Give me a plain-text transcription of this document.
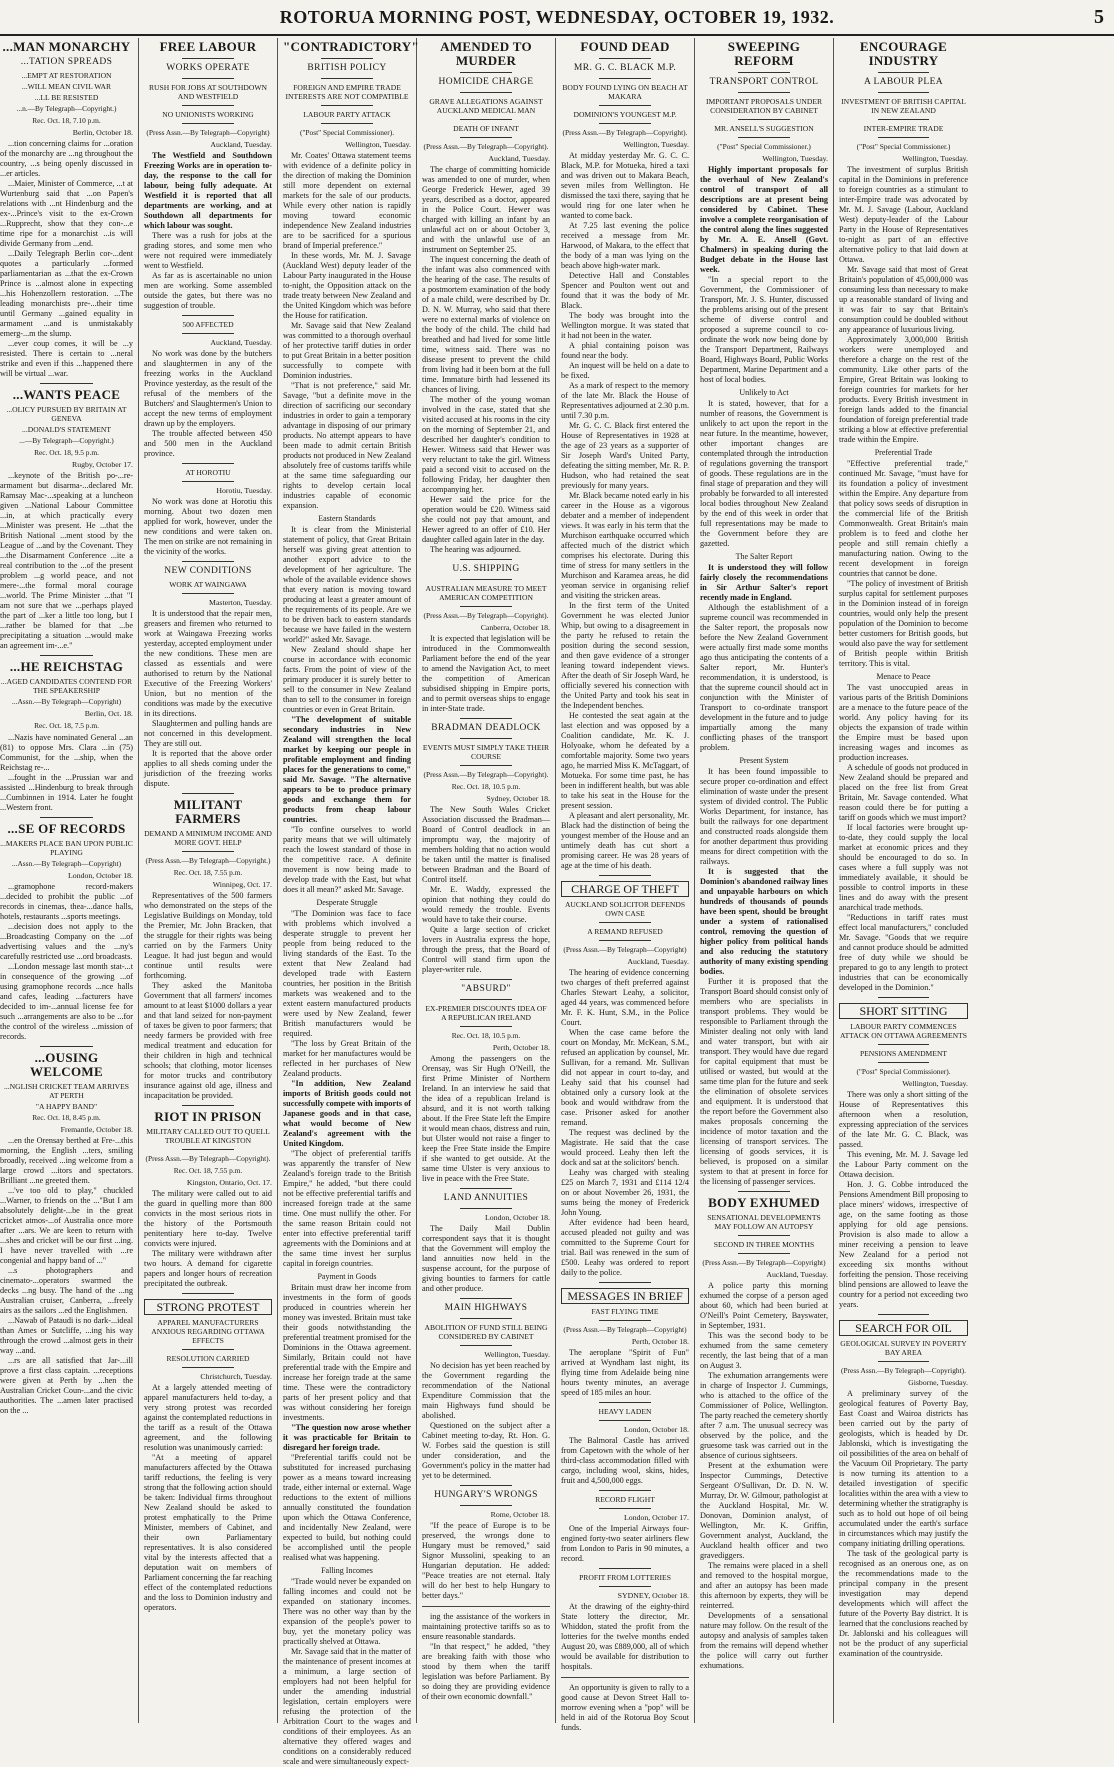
ROTORUA MORNING POST, WEDNESDAY, OCTOBER 19, 1932.	5
...MAN MONARCHY
...TATION SPREADS
...EMPT AT RESTORATION
...WILL MEAN CIVIL WAR
...LL BE RESISTED
...n.—By Telegraph—Copyright.)
Rec. Oct. 18, 7.10 p.m.
Berlin, October 18.

...tion concerning claims for ...oration of the monarchy are ...ng throughout the country, ...s being openly discussed in ...er articles.

...Maier, Minister of Commerce, ...t at Wurtenburg said that ...on Papen's relations with ...nt Hindenburg and the ex-...Prince's visit to the ex-Crown ...Rupprecht, show that they con-...e time ripe for a monarchist ...is will divide Germany from ...end.

...Daily Telegraph Berlin cor-...dent quotes a particularly ...formed parliamentarian as ...that the ex-Crown Prince is ...almost alone in expecting ...his Hohenzollern restoration. ...The leading monarchists pre-...their time until Germany ...gained equality in armament ...and is unmistakably emerg-...m the slump.

...ever coup comes, it will be ...y resisted. There is certain to ...neral strike and even if this ...happened there will be virtual ...war.

...WANTS PEACE
...OLICY PURSUED BY BRITAIN AT GENEVA
...DONALD'S STATEMENT
...—By Telegraph—Copyright.)
Rec. Oct. 18, 9.5 p.m.
Rugby, October 17.

...keynote of the British po-...re-armament but disarma-...declared Mr. Ramsay Mac-...speaking at a luncheon given ...National Labour Committee ...in, at which practically every ...Minister was present. He ...that the British National ...ment stood by the League of ...and by the Covenant. They ...the Disarmament Conference ...ite a real contribution to the ...of the present problem ...g world peace, and not mere-...the formal moral courage ...world. The Prime Minister ...that "I am not sure that we ...perhaps played the part of ...ker a little too long, but I ...rather be blamed for that ...be precipitating a situation ...would make an agreement im-...e."

...HE REICHSTAG
...AGED CANDIDATES CONTEND FOR THE SPEAKERSHIP
...Assn.—By Telegraph—Copyright)
Berlin, Oct. 18.
Rec. Oct. 18, 7.5 p.m.

...Nazis have nominated General ...an (81) to oppose Mrs. Clara ...in (75) Communist, for the ...ship, when the Reichstag re-...

...fought in the ...Prussian war and assisted ...Hindenburg to break through ...Cumbinnen in 1914. Later he fought ...Western front.

...SE OF RECORDS
...MAKERS PLACE BAN UPON PUBLIC PLAYING
...Assn.—By Telegraph—Copyright)
London, October 18.

...gramophone record-makers ...decided to prohibit the public ...of records in cinemas, thea-...dance halls, hotels, restaurants ...sports meetings.

...decision does not apply to the ...Broadcasting Company on the ...of advertising values and the ...ny's carefully restricted use ...ord broadcasts.

...London message last month stat-...t in consequence of the growing ...of using gramophone records ...nce halls and cafes, leading ...facturers have decided to im-...annual license fee for such ...arrangements are also to be ...for the control of the wireless ...mission of records.

...OUSING WELCOME
...NGLISH CRICKET TEAM ARRIVES AT PERTH
"A HAPPY BAND"
Rec. Oct. 18, 8.45 p.m.
Fremantle, October 18.

...en the Orensay berthed at Fre-...this morning, the English ...ters, smiling broadly, received ...ing welcome from a large crowd ...itors and spectators. Brilliant ...ne greeted them.

...'ve too old to play," chuckled ...Warner, to friends on the ..."But I am absolutely delight-...be in the great cricket atmos-...of Australia once more after ...ars. We are keen to return with ...shes and cricket will be our first ...ing. I have never travelled with ...re congenial and happy band of ..."

...s photographers and cinemato-...operators swarmed the decks ...ng busy. The hand of the ...ng Australian cruiser, Canberra, ...freely airs as the sailors ...ed the Englishmen.

...Nawab of Pataudi is no dark-...ideal than Ames or Sutcliffe, ...ing his way through the crowd ...almost gets in their way ...and.

...rs are all satisfied that Jar-...ill prove a first class captain. ...receptions were given at Perth by ...hen the Australian Cricket Coun-...and the civic authorities. The ...amen later practised on the ...

FREE LABOUR
WORKS OPERATE
RUSH FOR JOBS AT SOUTHDOWN AND WESTFIELD
NO UNIONISTS WORKING
(Press Assn.—By Telegraph—Copyright)
Auckland, Tuesday.

The Westfield and Southdown Freezing Works are in operation to-day, the response to the call for labour, being fully adequate. At Westfield it is reported that all departments are working, and at Southdown all departments for which labour was sought.

There was a rush for jobs at the grading stores, and some men who were not required were immediately went to Westfield.

As far as is ascertainable no union men are working. Some assembled outside the gates, but there was no suggestion of trouble.

500 AFFECTED
Auckland, Tuesday.

No work was done by the butchers and slaughtermen in any of the freezing works in the Auckland Province yesterday, as the result of the refusal of the members of the Butchers' and Slaughtermen's Union to accept the new terms of employment drawn up by the employers.

The trouble affected between 450 and 500 men in the Auckland province.

AT HOROTIU
Horotiu, Tuesday.

No work was done at Horotiu this morning. About two dozen men applied for work, however, under the new conditions and were taken on. The men on strike are not remaining in the vicinity of the works.

NEW CONDITIONS
WORK AT WAINGAWA
Masterton, Tuesday.

It is understood that the repair men, greasers and firemen who returned to work at Waingawa Freezing works yesterday, accepted employment under the new conditions. These men are classed as essentials and were authorised to return by the National Executive of the Freezing Workers' Union, but no mention of the conditions was made by the executive in its directions.

Slaughtermen and pulling hands are not concerned in this development. They are still out.

It is reported that the above order applies to all sheds coming under the jurisdiction of the freezing works dispute.

MILITANT FARMERS
DEMAND A MINIMUM INCOME AND MORE GOVT. HELP
(Press Assn.—By Telegraph—Copyright.)
Rec. Oct. 18, 7.55 p.m.
Winnipeg, Oct. 17.

Representatives of the 500 farmers who demonstrated on the steps of the Legislative Buildings on Monday, told the Premier, Mr. John Bracken, that the struggle for their rights was being carried on by the Farmers Unity League. It had just begun and would continue until results were forthcoming.

They asked the Manitoba Government that all farmers' incomes amount to at least $1000 dollars a year and that land seized for non-payment of taxes be given to poor farmers; that needy farmers be provided with free medical treatment and education for their children in high and technical schools; that clothing, motor licenses for motor trucks and contributory insurance against old age, illness and incapacitation be provided.

RIOT IN PRISON
MILITARY CALLED OUT TO QUELL TROUBLE AT KINGSTON
(Press Assn.—By Telegraph—Copyright).
Rec. Oct. 18, 7.55 p.m.
Kingston, Ontario, Oct. 17.

The military were called out to aid the guard in quelling more than 800 convicts in the most serious riots in the history of the Portsmouth penitentiary here to-day. Twelve convicts were injured.

The military were withdrawn after two hours. A demand for cigarette papers and longer hours of recreation precipitated the outbreak.

STRONG PROTEST
APPAREL MANUFACTURERS ANXIOUS REGARDING OTTAWA EFFECTS
RESOLUTION CARRIED
Christchurch, Tuesday.

At a largely attended meeting of apparel manufacturers held to-day, a very strong protest was recorded against the contemplated reductions in the tariff as a result of the Ottawa agreement, and the following resolution was unanimously carried:

"At a meeting of apparel manufacturers affected by the Ottawa tariff reductions, the feeling is very strong that the following action should be taken: Individual firms throughout New Zealand should be asked to protest emphatically to the Prime Minister, members of Cabinet, and their own Parliamentary representatives. It is also considered vital by the interests affected that a deputation wait on members of Parliament concerning the far reaching effect of the contemplated reductions and the loss to Dominion industry and operators.

"CONTRADICTORY"
BRITISH POLICY
FOREIGN AND EMPIRE TRADE INTERESTS ARE NOT COMPATIBLE
LABOUR PARTY ATTACK
("Post" Special Commissioner).
Wellington, Tuesday.

Mr. Coates' Ottawa statement teems with evidence of a definite policy in the direction of making the Dominion still more dependent on external markets for the sale of our products. While every other nation is rapidly moving toward economic independence New Zealand industries are to be sacrificed for a spurious brand of Imperial preference."

In these words, Mr. M. J. Savage (Auckland West) deputy leader of the Labour Party inaugurated in the House to-night, the Opposition attack on the trade treaty between New Zealand and the United Kingdom which was before the House for ratification.

Mr. Savage said that New Zealand was committed to a thorough overhaul of her protective tariff duties in order to put Great Britain in a better position successfully to compete with Dominion industries.

"That is not preference," said Mr. Savage, "but a definite move in the direction of sacrificing our secondary industries in order to gain a temporary advantage in disposing of our primary products. No attempt appears to have been made to admit certain British products not produced in New Zealand absolutely free of customs tariffs while at the same time safeguarding our rights to develop certain local industries capable of economic expansion.

Eastern Standards

It is clear from the Ministerial statement of policy, that Great Britain herself was giving great attention to another export advice to the development of her agriculture. The whole of the available evidence shows that every nation is moving toward producing at least a greater amount of the requirements of its people. Are we to be driven back to eastern standards because we have failed in the western world?" asked Mr. Savage.

New Zealand should shape her course in accordance with economic facts. From the point of view of the primary producer it is surely better to sell to the consumer in New Zealand than to sell to the consumer in foreign countries or even in Great Britain.

"The development of suitable secondary industries in New Zealand will strengthen the local market by keeping our people in profitable employment and finding places for the generations to come," said Mr. Savage. "The alternative appears to be to produce primary goods and exchange them for products from cheap labour countries.

"To confine ourselves to world parity means that we will ultimately reach the lowest standard of those in the competitive race. A definite movement is now being made to develop trade with the East, but what does it all mean?" asked Mr. Savage.

Desperate Struggle

"The Dominion was face to face with problems which involved a desperate struggle to prevent her people from being reduced to the living standards of the East. To the extent that New Zealand had developed trade with Eastern countries, her position in the British markets was weakened and to the extent eastern manufactured products were used by New Zealand, fewer British manufacturers would be required.

"The loss by Great Britain of the market for her manufactures would be reflected in her purchases of New Zealand products.

"In addition, New Zealand imports of British goods could not successfully compete with imports of Japanese goods and in that case, what would become of New Zealand's agreement with the United Kingdom.

"The object of preferential tariffs was apparently the transfer of New Zealand's foreign trade to the British Empire," he added, "but there could not be effective preferential tariffs and increased foreign trade at the same time. One must nullify the other. For the same reason Britain could not enter into effective preferential tariff agreements with the Dominions and at the same time invest her surplus capital in foreign countries.

Payment in Goods

Britain must draw her income from investments in the form of goods produced in countries wherein her money was invested. Britain must take their goods notwithstanding the preferential treatment promised for the Dominions in the Ottawa agreement. Similarly, Britain could not have preferential trade with the Empire and increase her foreign trade at the same time. These were the contradictory parts of her present policy and that was without considering her foreign investments.

"The question now arose whether it was practicable for Britain to disregard her foreign trade.

"Preferential tariffs could not be substituted for increased purchasing power as a means toward increasing trade, either internal or external. Wage reductions to the extent of millions annually constituted the foundation upon which the Ottawa Conference, and incidentally New Zealand, were expected to build, but nothing could be accomplished until the people realised what was happening.

Falling Incomes

"Trade would never be expanded on falling incomes and could not be expanded on stationary incomes. There was no other way than by the expansion of the people's power to buy, yet the monetary policy was practically shelved at Ottawa.

Mr. Savage said that in the matter of the maintenance of present incomes at a minimum, a large section of employers had not been helpful for under the amending industrial legislation, certain employers were refusing the protection of the Arbitration Court to the wages and conditions of their employees. As an alternative they offered wages and conditions on a considerably reduced scale and were simultaneously expect-

AMENDED TO MURDER
HOMICIDE CHARGE
GRAVE ALLEGATIONS AGAINST AUCKLAND MEDICAL MAN
DEATH OF INFANT
(Press Assn.—By Telegraph—Copyright).
Auckland, Tuesday.

The charge of committing homicide was amended to one of murder, when George Frederick Hewer, aged 39 years, described as a doctor, appeared in the Police Court. Hewer was charged with killing an infant by an unlawful act on or about October 3, and with the unlawful use of an instrument on September 25.

The inquest concerning the death of the infant was also commenced with the hearing of the case. The results of a postmortem examination of the body of a male child, were described by Dr. D. N. W. Murray, who said that there were no external marks of violence on the body of the child. The child had breathed and had lived for some little time, witness said. There was no disease present to prevent the child from living had it been born at the full time. Immature birth had lessened its chances of living.

The mother of the young woman involved in the case, stated that she visited accused at his rooms in the city on the morning of September 21, and described her daughter's condition to Hewer. Witness said that Hewer was very reluctant to take the girl. Witness paid a second visit to accused on the following Friday, her daughter then accompanying her.

Hewer said the price for the operation would be £20. Witness said she could not pay that amount, and Hewer agreed to an offer of £10. Her daughter called again later in the day.

The hearing was adjourned.

U.S. SHIPPING
AUSTRALIAN MEASURE TO MEET AMERICAN COMPETITION
(Press Assn.—By Telegraph—Copyright).
Canberra, October 18.

It is expected that legislation will be introduced in the Commonwealth Parliament before the end of the year to amend the Navigation Act, to meet the competition of American subsidised shipping in Empire ports, and to permit overseas ships to engage in inter-State trade.

BRADMAN DEADLOCK
EVENTS MUST SIMPLY TAKE THEIR COURSE
(Press Assn.—By Telegraph—Copyright).
Rec. Oct. 18, 10.5 p.m.
Sydney, October 18.

The New South Wales Cricket Association discussed the Bradman—Board of Control deadlock in an impromptu way, the majority of members holding that no action would be taken until the matter is finalised between Bradman and the Board of Control itself.

Mr. E. Waddy, expressed the opinion that nothing they could do would remedy the trouble. Events would have to take their course.

Quite a large section of cricket lovers in Australia express the hope, through the press, that the Board of Control will stand firm upon the player-writer rule.

"ABSURD"
EX-PREMIER DISCOUNTS IDEA OF A REPUBLICAN IRELAND
Rec. Oct. 18, 10.5 p.m.
Perth, October 18.

Among the passengers on the Orensay, was Sir Hugh O'Neill, the first Prime Minister of Northern Ireland. In an interview he said that the idea of a republican Ireland is absurd, and it is not worth talking about. If the Free State left the Empire it would mean chaos, distress and ruin, but Ulster would not raise a finger to keep the Free State inside the Empire if she wanted to get outside. At the same time Ulster is very anxious to live in peace with the Free State.

LAND ANNUITIES
London, October 18.

The Daily Mail Dublin correspondent says that it is thought that the Government will employ the land annuities now held in the suspense account, for the purpose of giving bounties to farmers for cattle and other produce.

MAIN HIGHWAYS
ABOLITION OF FUND STILL BEING CONSIDERED BY CABINET
Wellington, Tuesday.

No decision has yet been reached by the Government regarding the recommendation of the National Expenditure Commission that the main Highways fund should be abolished.

Questioned on the subject after a Cabinet meeting to-day, Rt. Hon. G. W. Forbes said the question is still under consideration, and the Government's policy in the matter had yet to be determined.

HUNGARY'S WRONGS
Rome, October 18.

"If the peace of Europe is to be preserved, the wrongs done to Hungary must be removed," said Signor Mussolini, speaking to an Hungarian deputation. He added: "Peace treaties are not eternal. Italy will do her best to help Hungary to better days."

ing the assistance of the workers in maintaining protective tariffs so as to ensure reasonable standards.

"In that respect," he added, "they are breaking faith with those who stood by them when the tariff legislation was before Parliament. By so doing they are providing evidence of their own economic downfall."

FOUND DEAD
MR. G. C. BLACK M.P.
BODY FOUND LYING ON BEACH AT MAKARA
DOMINION'S YOUNGEST M.P.
(Press Assn.—By Telegraph—Copyright).
Wellington, Tuesday.

At midday yesterday Mr. G. C. C. Black, M.P. for Motueka, hired a taxi and was driven out to Makara Beach, seven miles from Wellington. He dismissed the taxi there, saying that he would ring for one later when he wanted to come back.

At 7.25 last evening the police received a message from Mr. Harwood, of Makara, to the effect that the body of a man was lying on the beach above high-water mark.

Detective Hall and Constables Spencer and Poulton went out and found that it was the body of Mr. Black.

The body was brought into the Wellington morgue. It was stated that it had not been in the water.

A phial containing poison was found near the body.

An inquest will be held on a date to be fixed.

As a mark of respect to the memory of the late Mr. Black the House of Representatives adjourned at 2.30 p.m. until 7.30 p.m.

Mr. G. C. C. Black first entered the House of Representatives in 1928 at the age of 23 years as a supporter of Sir Joseph Ward's United Party, defeating the sitting member, Mr. R. P. Hudson, who had retained the seat previously for many years.

Mr. Black became noted early in his career in the House as a vigorous debater and a member of independent views. It was early in his term that the Murchison earthquake occurred which affected much of the district which comprises his electorate. During this time of stress for many settlers in the Murchison and Karamea areas, he did yeoman service in organising relief and visiting the stricken areas.

In the first term of the United Government he was elected Junior Whip, but owing to a disagreement in the party he refused to retain the position during the second session, and then gave evidence of a stronger leaning toward independent views. After the death of Sir Joseph Ward, he officially severed his connection with the United Party and took his seat in the Independent benches.

He contested the seat again at the last election and was opposed by a Coalition candidate, Mr. K. J. Holyoake, whom he defeated by a comfortable majority. Some two years ago, he married Miss K. McTaggart, of Motueka. For some time past, he has been in indifferent health, but was able to take his seat in the House for the present session.

A pleasant and alert personality, Mr. Black had the distinction of being the youngest member of the House and an untimely death has cut short a promising career. He was 28 years of age at the time of his death.

CHARGE OF THEFT
AUCKLAND SOLICITOR DEFENDS OWN CASE
A REMAND REFUSED
(Press Assn.—By Telegraph—Copyright)
Auckland, Tuesday.

The hearing of evidence concerning two charges of theft preferred against Charles Stewart Leahy, a solicitor, aged 44 years, was commenced before Mr. F. K. Hunt, S.M., in the Police Court.

When the case came before the court on Monday, Mr. McKean, S.M., refused an application by counsel, Mr. Sullivan, for a remand. Mr. Sullivan did not appear in court to-day, and Leahy said that his counsel had obtained only a cursory look at the book and would withdraw from the case. Prisoner asked for another remand.

The request was declined by the Magistrate. He said that the case would proceed. Leahy then left the dock and sat at the solicitors' bench.

Leahy was charged with stealing £25 on March 7, 1931 and £114 12/4 on or about November 26, 1931, the sums being the money of Frederick John Young.

After evidence had been heard, accused pleaded not guilty and was committed to the Supreme Court for trial. Bail was renewed in the sum of £500. Leahy was ordered to report daily to the police.

MESSAGES IN BRIEF
FAST FLYING TIME
(Press Assn.—By Telegraph—Copyright)
Perth, October 18.

The aeroplane "Spirit of Fun" arrived at Wyndham last night, its flying time from Adelaide being nine hours twenty minutes, an average speed of 185 miles an hour.

HEAVY LADEN
London, October 18.

The Balmoral Castle has arrived from Capetown with the whole of her third-class accommodation filled with cargo, including wool, skins, hides, fruit and 4,500,000 eggs.

RECORD FLIGHT
London, October 17.

One of the Imperial Airways four-engined forty-two seater airliners flew from London to Paris in 90 minutes, a record.

PROFIT FROM LOTTERIES
SYDNEY, October 18.

At the drawing of the eighty-third State lottery the director, Mr. Whiddon, stated the profit from the lotteries for the twelve months ended August 20, was £889,000, all of which would be available for distribution to hospitals.

An opportunity is given to rally to a good cause at Devon Street Hall to-morrow evening when a "pop" will be held in aid of the Rotorua Boy Scout funds.

SWEEPING REFORM
TRANSPORT CONTROL
IMPORTANT PROPOSALS UNDER CONSIDERATION BY CABINET
MR. ANSELL'S SUGGESTION
("Post" Special Commissioner.)
Wellington, Tuesday.

Highly important proposals for the overhaul of New Zealand's control of transport of all descriptions are at present being considered by Cabinet. These involve a complete reorganisation of the control along the lines suggested by Mr. A. E. Ansell (Govt. Chalmers) in speaking during the Budget debate in the House last week.

"In a special report to the Government, the Commissioner of Transport, Mr. J. S. Hunter, discussed the problems arising out of the present scheme of diverse control and proposed a supreme council to co-ordinate the work now being done by the Transport Department, Railways Board, Highways Board, Public Works Department, Marine Department and a host of local bodies.

Unlikely to Act

It is stated, however, that for a number of reasons, the Government is unlikely to act upon the report in the near future. In the meantime, however, other important changes are contemplated through the introduction of regulations governing the transport of goods. These regulations are in the final stage of preparation and they will probably be forwarded to all interested local bodies throughout New Zealand by the end of this week in order that full representations may be made to the Government before they are gazetted.

The Salter Report

It is understood they will follow fairly closely the recommendations in Sir Arthur Salter's report recently made in England.

Although the establishment of a supreme council was recommended in the Salter report, the proposals now before the New Zealand Government were actually first made some months ago thus anticipating the contents of a Salter report, Mr. Hunter's recommendation, it is understood, is that the supreme council should act in conjunction with the Minister of Transport to co-ordinate transport development in the future and to judge impartially among the many conflicting phases of the transport problem.

Present System

It has been found impossible to secure proper co-ordination and effect elimination of waste under the present system of divided control. The Public Works Department, for instance, has built the railways for one department and constructed roads alongside them for another department thus providing means for direct competition with the railways.

It is suggested that the Dominion's abandoned railway lines and unpayable harbours on which hundreds of thousands of pounds have been spent, should be brought under a system of rationalised control, removing the question of higher policy from political hands and also reducing the statutory authority of many existing spending bodies.

Further it is proposed that the Transport Board should consist only of members who are specialists in transport problems. They would be responsible to Parliament through the Minister dealing not only with land and water transport, but with air transport. They would have due regard for capital equipment that must be utilised or wasted, but would at the same time plan for the future and seek the elimination of obsolete services and equipment. It is understood that the report before the Government also makes proposals concerning the incidence of motor taxation and the licensing of transport services. The licensing of goods services, it is believed, is proposed on a similar system to that at present in force for the licensing of passenger services.

BODY EXHUMED
SENSATIONAL DEVELOPMENTS MAY FOLLOW AN AUTOPSY
SECOND IN THREE MONTHS
(Press Assn.—By Telegraph—Copyright)
Auckland, Tuesday.

A police party this morning exhumed the corpse of a person aged about 60, which had been buried at O'Neill's Point Cemetery, Bayswater, in September, 1931.

This was the second body to be exhumed from the same cemetery recently, the last being that of a man on August 3.

The exhumation arrangements were in charge of Inspector J. Cummings, who is attached to the office of the Commissioner of Police, Wellington. The party reached the cemetery shortly after 7 a.m. The unusual secrecy was observed by the police, and the gruesome task was carried out in the absence of curious sightseers.

Present at the exhumation were Inspector Cummings, Detective Sergeant O'Sullivan, Dr. D. N. W. Murray, Dr. W. Gilmour, pathologist at the Auckland Hospital, Mr. W. Donovan, Dominion analyst, of Wellington, Mr. K. Griffin, Government analyst, Auckland, the Auckland health officer and two gravediggers.

The remains were placed in a shell and removed to the hospital morgue, and after an autopsy has been made this afternoon by experts, they will be reinterred.

Developments of a sensational nature may follow. On the result of the autopsy and analysis of samples taken from the remains will depend whether the police will carry out further exhumations.

ENCOURAGE INDUSTRY
A LABOUR PLEA
INVESTMENT OF BRITISH CAPITAL IN NEW ZEALAND
INTER-EMPIRE TRADE
("Post" Special Commissioner.)
Wellington, Tuesday.

The investment of surplus British capital in the Dominions in preference to foreign countries as a stimulant to inter-Empire trade was advocated by Mr. M. J. Savage (Labour, Auckland West) deputy-leader of the Labour Party in the House of Representatives to-night as part of an effective alternative policy to that laid down at Ottawa.

Mr. Savage said that most of Great Britain's population of 45,000,000 was consuming less than necessary to make up a reasonable standard of living and it was fair to say that Britain's consumption could be doubled without any appearance of luxurious living.

Approximately 3,000,000 British workers were unemployed and therefore a charge on the rest of the community. Like other parts of the Empire, Great Britain was looking to foreign countries for markets for her products. Every British investment in foreign lands added to the financial foundation of foreign preferential trade striking a blow at effective preferential trade within the Empire.

Preferential Trade

"Effective preferential trade," continued Mr. Savage, "must have for its foundation a policy of investment within the Empire. Any departure from that policy sows seeds of disruption in the commercial life of the British Commonwealth. Great Britain's main problem is to feed and clothe her people and still remain chiefly a manufacturing nation. Owing to the recent development in foreign countries that cannot be done.

"The policy of investment of British surplus capital for settlement purposes in the Dominion instead of in foreign countries, would only help the present population of the Dominion to become better customers for British goods, but would also pave the way for settlement of British people within British territory. This is vital.

Menace to Peace

The vast unoccupied areas in various parts of the British Dominions are a menace to the future peace of the world. Any policy having for its objects the expansion of trade within the Empire must be based upon increasing wages and incomes as production increases.

A schedule of goods not produced in New Zealand should be prepared and placed on the free list from Great Britain, Mr. Savage contended. What reason could there be for putting a tariff on goods which we must import?

If local factories were brought up-to-date, they could supply the local market at economic prices and they should be encouraged to do so. In cases where a full supply was not immediately available, it should be possible to control imports in these lines and do away with the present anarchical trade methods.

"Reductions in tariff rates must effect local manufacturers," concluded Mr. Savage. "Goods that we require and cannot produce should be admitted free of duty while we should be prepared to go to any length to protect industries that can be economically developed in the Dominion."

SHORT SITTING
LABOUR PARTY COMMENCES ATTACK ON OTTAWA AGREEMENTS
PENSIONS AMENDMENT
("Post" Special Commissioner).
Wellington, Tuesday.

There was only a short sitting of the House of Representatives this afternoon when a resolution, expressing appreciation of the services of the late Mr. G. C. Black, was passed.

This evening, Mr. M. J. Savage led the Labour Party comment on the Ottawa decision.

Hon. J. G. Cobbe introduced the Pensions Amendment Bill proposing to place miners' widows, irrespective of age, on the same footing as those applying for old age pensions. Provision is also made to allow a miner receiving a pension to leave New Zealand for a period not exceeding six months without forfeiting the pension. Those receiving blind pensions are allowed to leave the country for a period not exceeding two years.

SEARCH FOR OIL
GEOLOGICAL SURVEY IN POVERTY BAY AREA
(Press Assn.—By Telegraph—Copyright).
Gisborne, Tuesday.

A preliminary survey of the geological features of Poverty Bay, East Coast and Wairoa districts has been carried out by the party of geologists, which is headed by Dr. Jablonski, which is investigating the oil possibilities of the area on behalf of the Vacuum Oil Proprietary. The party is now turning its attention to a detailed investigation of specific localities within the area with a view to determining whether the stratigraphy is such as to hold out hope of oil being accumulated under the earth's surface in circumstances which may justify the company initiating drilling operations.

The task of the geological party is recognised as an onerous one, as on the recommendations made to the principal company in the present investigation may depend developments which will affect the future of the Poverty Bay district. It is learned that the conclusions reached by Dr. Jablonski and his colleagues will not be the product of any superficial examination of the countryside.
